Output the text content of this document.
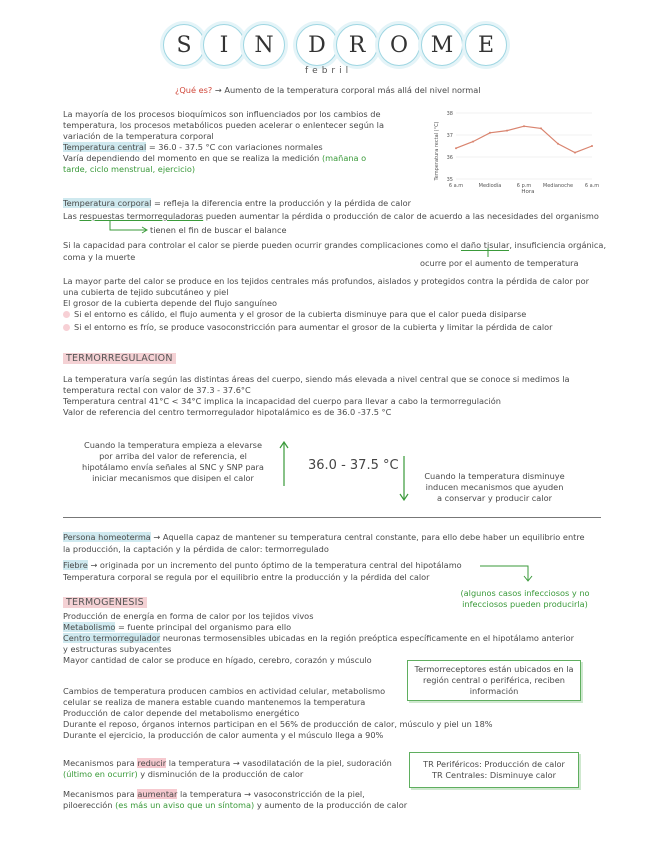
S	I	N	D	R	O	M	E
febril
¿Qué es? → Aumento de la temperatura corporal más allá del nivel normal
La mayoría de los procesos bioquímicos son influenciados por los cambios de
temperatura, los procesos metabólicos pueden acelerar o enlentecer según la
variación de la temperatura corporal
Temperatura central = 36.0 - 37.5 °C con variaciones normales
Varía dependiendo del momento en que se realiza la medición (mañana o
tarde, ciclo menstrual, ejercicio)
35
36
37
38
6 a.m	Mediodía	6 p.m Medianoche 6 a.m
Temperatura rectal (°C)
Hora
Temperatura corporal = refleja la diferencia entre la producción y la pérdida de calor
Las respuestas termorreguladoras pueden aumentar la pérdida o producción de calor de acuerdo a las necesidades del organismo
tienen el fin de buscar el balance
Si la capacidad para controlar el calor se pierde pueden ocurrir grandes complicaciones como el daño tisular, insuficiencia orgánica,
coma y la muerte
ocurre por el aumento de temperatura
La mayor parte del calor se produce en los tejidos centrales más profundos, aislados y protegidos contra la pérdida de calor por
una cubierta de tejido subcutáneo y piel
El grosor de la cubierta depende del flujo sanguíneo
Si el entorno es cálido, el flujo aumenta y el grosor de la cubierta disminuye para que el calor pueda disiparse
Si el entorno es frío, se produce vasoconstricción para aumentar el grosor de la cubierta y limitar la pérdida de calor
TERMORREGULACION
La temperatura varía según las distintas áreas del cuerpo, siendo más elevada a nivel central que se conoce si medimos la
temperatura rectal con valor de 37.3 - 37.6°C
Temperatura central 41°C < 34°C implica la incapacidad del cuerpo para llevar a cabo la termorregulación
Valor de referencia del centro termorregulador hipotalámico es de 36.0 -37.5 °C
Cuando la temperatura empieza a elevarse
por arriba del valor de referencia, el
hipotálamo envía señales al SNC y SNP para
iniciar mecanismos que disipen el calor
36.0 - 37.5 °C
Cuando la temperatura disminuye
inducen mecanismos que ayuden
a conservar y producir calor
Persona homeoterma → Aquella capaz de mantener su temperatura central constante, para ello debe haber un equilibrio entre
la producción, la captación y la pérdida de calor: termorregulado
Fiebre → originada por un incremento del punto óptimo de la temperatura central del hipotálamo
Temperatura corporal se regula por el equilibrio entre la producción y la pérdida del calor
(algunos casos infecciosos y no
infecciosos pueden producirla)
TERMOGENESIS
Producción de energía en forma de calor por los tejidos vivos
Metabolismo = fuente principal del organismo para ello
Centro termorregulador neuronas termosensibles ubicadas en la región preóptica específicamente en el hipotálamo anterior
y estructuras subyacentes
Mayor cantidad de calor se produce en hígado, cerebro, corazón y músculo
Cambios de temperatura producen cambios en actividad celular, metabolismo
celular se realiza de manera estable cuando mantenemos la temperatura
Producción de calor depende del metabolismo energético
Durante el reposo, órganos internos participan en el 56% de producción de calor, músculo y piel un 18%
Durante el ejercicio, la producción de calor aumenta y el músculo llega a 90%
Mecanismos para reducir la temperatura → vasodilatación de la piel, sudoración
(último en ocurrir) y disminución de la producción de calor
Mecanismos para aumentar la temperatura → vasoconstricción de la piel,
piloerección (es más un aviso que un síntoma) y aumento de la producción de calor
Termorreceptores están ubicados en la
región central o periférica, reciben
información
TR Periféricos: Producción de calor
TR Centrales: Disminuye calor
